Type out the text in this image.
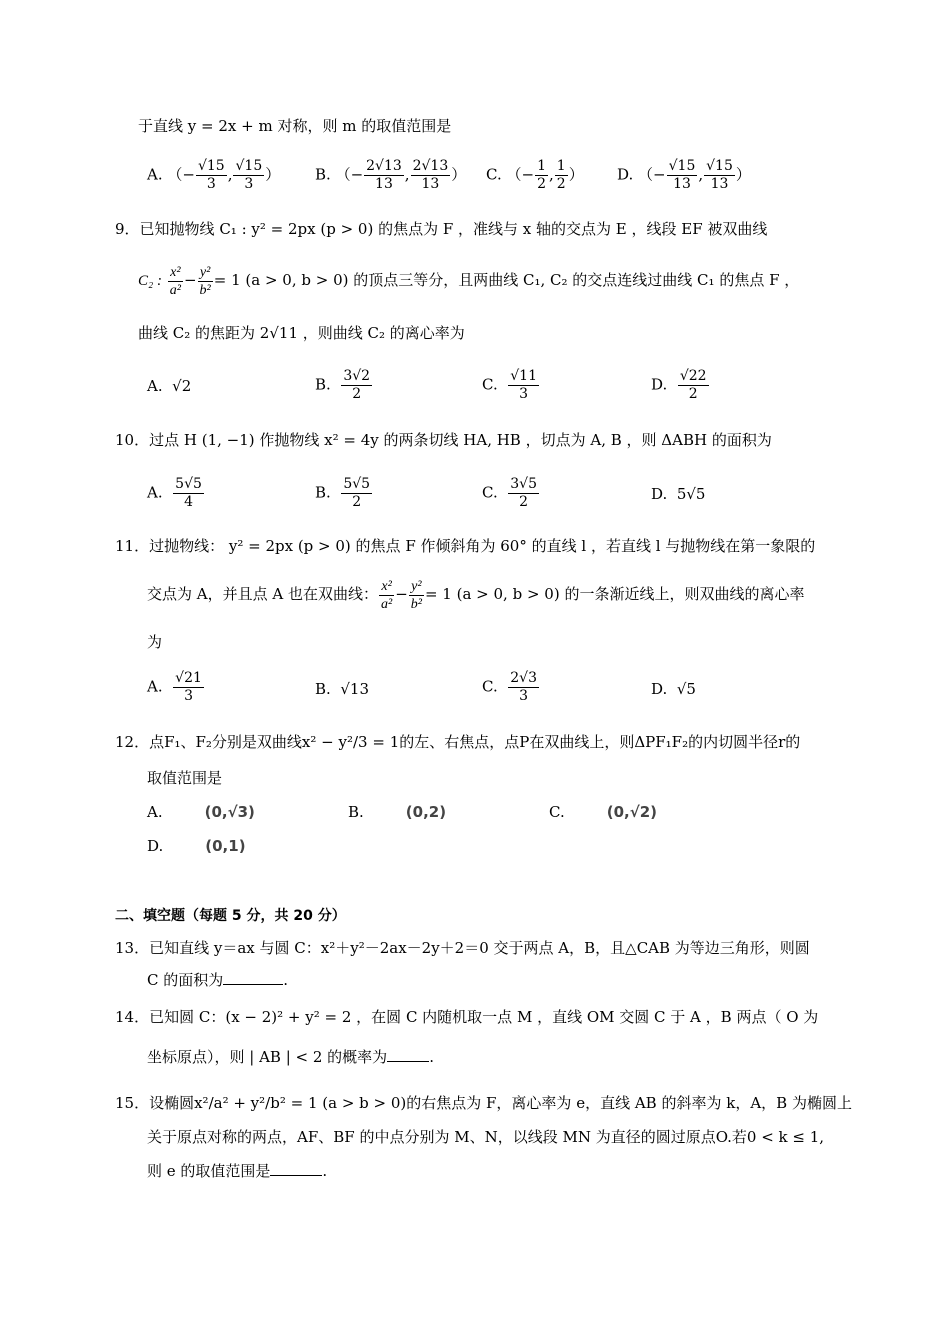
于直线 y = 2x + m 对称，则 m 的取值范围是
A. （− $\frac{√15}{3}$ , $\frac{√15}{3}$ ） B. （− $\frac{2√13}{13}$ , $\frac{2√13}{13}$ ） C. （− $\frac{1}{2}$ , $\frac{1}{2}$ ） D. （− $\frac{√15}{13}$ , $\frac{√15}{13}$ ）
9．已知抛物线 C₁ : y² = 2px (p > 0) 的焦点为 F ，准线与 x 轴的交点为 E ，线段 EF 被双曲线
C₂ : $\frac{\text{x²}}{\text{a²}} - \frac{\text{y²}}{\text{b²}} = 1$ (a > 0, b > 0) 的顶点三等分，且两曲线 C₁, C₂ 的交点连线过曲线 C₁ 的焦点 F ，
曲线 C₂ 的焦距为 2√11 ，则曲线 C₂ 的离心率为
A. √2	B. $\frac{3√2}{2}$	C. $\frac{√11}{3}$	D. $\frac{√22}{2}$
10．过点 H (1, −1) 作抛物线 x² = 4y 的两条切线 HA, HB ，切点为 A, B ，则 ΔABH 的面积为
A. $\frac{5√5}{4}$	B. $\frac{5√5}{2}$	C. $\frac{3√5}{2}$	D. 5√5
11．过抛物线： y² = 2px (p > 0) 的焦点 F 作倾斜角为 60° 的直线 l ，若直线 l 与抛物线在第一象限的
交点为 A，并且点 A 也在双曲线： $\frac{\text{x²}}{\text{a²}} - \frac{\text{y²}}{\text{b²}} = 1$ (a > 0, b > 0) 的一条渐近线上，则双曲线的离心率
为
A. $\frac{√21}{3}$	B. √13	C. $\frac{2√3}{3}$	D. √5
12．点F₁、F₂分别是双曲线x² − y²/3 = 1的左、右焦点，点P在双曲线上，则ΔPF₁F₂的内切圆半径r的
取值范围是
A.	(0,√3)	B.	(0,2)	C.	(0,√2)
D.	(0,1)
二、填空题（每题 5 分，共 20 分）
13．已知直线 y＝ax 与圆 C：x²＋y²－2ax－2y＋2＝0 交于两点 A，B，且△CAB 为等边三角形，则圆
C 的面积为	.
14．已知圆 C：(x − 2)² + y² = 2 ，在圆 C 内随机取一点 M ，直线 OM 交圆 C 于 A ，B 两点（ O 为
坐标原点），则 | AB | < 2 的概率为	.
15．设椭圆x²/a² + y²/b² = 1 (a > b > 0)的右焦点为 F，离心率为 e，直线 AB 的斜率为 k，A，B 为椭圆上
关于原点对称的两点，AF、BF 的中点分别为 M、N，以线段 MN 为直径的圆过原点O.若0 < k ≤ 1,
则 e 的取值范围是	.
